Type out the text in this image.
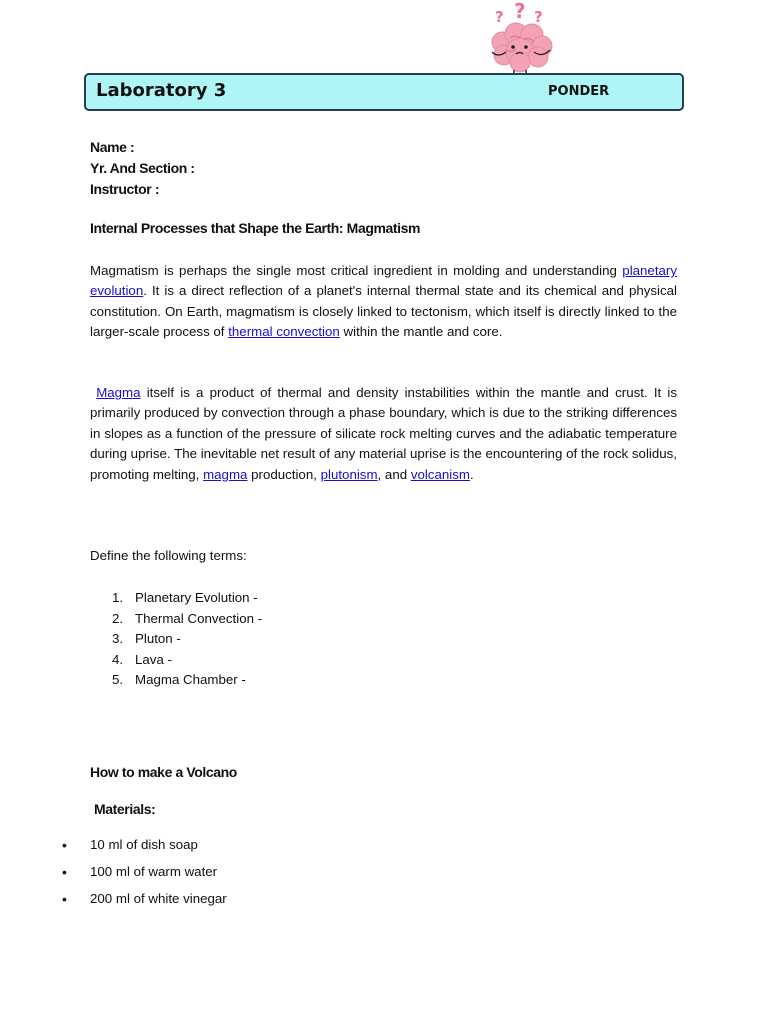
? ? ?
Laboratory 3	PONDER
Name :
Yr. And Section :
Instructor :
Internal Processes that Shape the Earth: Magmatism

Magmatism is perhaps the single most critical ingredient in molding and understanding planetary evolution. It is a direct reflection of a planet's internal thermal state and its chemical and physical constitution. On Earth, magmatism is closely linked to tectonism, which itself is directly linked to the larger-scale process of thermal convection within the mantle and core.

Magma itself is a product of thermal and density instabilities within the mantle and crust. It is primarily produced by convection through a phase boundary, which is due to the striking differences in slopes as a function of the pressure of silicate rock melting curves and the adiabatic temperature during uprise. The inevitable net result of any material uprise is the encountering of the rock solidus, promoting melting, magma production, plutonism, and volcanism.

Define the following terms:
1. Planetary Evolution -
2. Thermal Convection -
3. Pluton -
4. Lava -
5. Magma Chamber -
How to make a Volcano
Materials:
•	10 ml of dish soap
•	100 ml of warm water
•	200 ml of white vinegar
